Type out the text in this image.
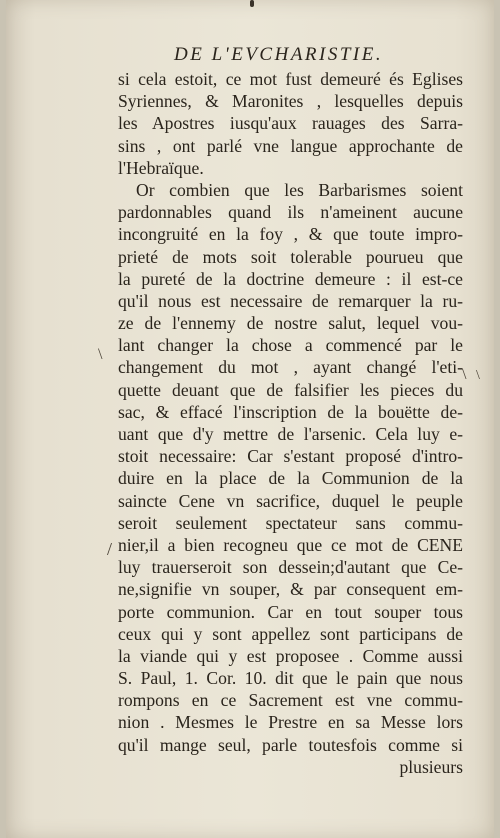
DE L'EVCHARISTIE.
si cela estoit, ce mot fust demeuré és Eglises
Syriennes, & Maronites , lesquelles depuis
les Apostres iusqu'aux rauages des Sarra-
sins , ont parlé vne langue approchante de
l'Hebraïque.
Or combien que les Barbarismes soient
pardonnables quand ils n'ameinent aucune
incongruité en la foy , & que toute impro-
prieté de mots soit tolerable pourueu que
la pureté de la doctrine demeure : il est-ce
qu'il nous est necessaire de remarquer la ru-
ze de l'ennemy de nostre salut, lequel vou-
lant changer la chose a commencé par le
changement du mot , ayant changé l'eti-
quette deuant que de falsifier les pieces du
sac, & effacé l'inscription de la bouëtte de-
uant que d'y mettre de l'arsenic. Cela luy e-
stoit necessaire: Car s'estant proposé d'intro-
duire en la place de la Communion de la
saincte Cene vn sacrifice, duquel le peuple
seroit seulement spectateur sans commu-
nier,il a bien recogneu que ce mot de CENE
luy trauerseroit son dessein;d'autant que Ce-
ne,signifie vn souper, & par consequent em-
porte communion. Car en tout souper tous
ceux qui y sont appellez sont participans de
la viande qui y est proposee . Comme aussi
S. Paul, 1. Cor. 10. dit que le pain que nous
rompons en ce Sacrement est vne commu-
nion . Mesmes le Prestre en sa Messe lors
qu'il mange seul, parle toutesfois comme si
plusieurs
\
/
\ \
